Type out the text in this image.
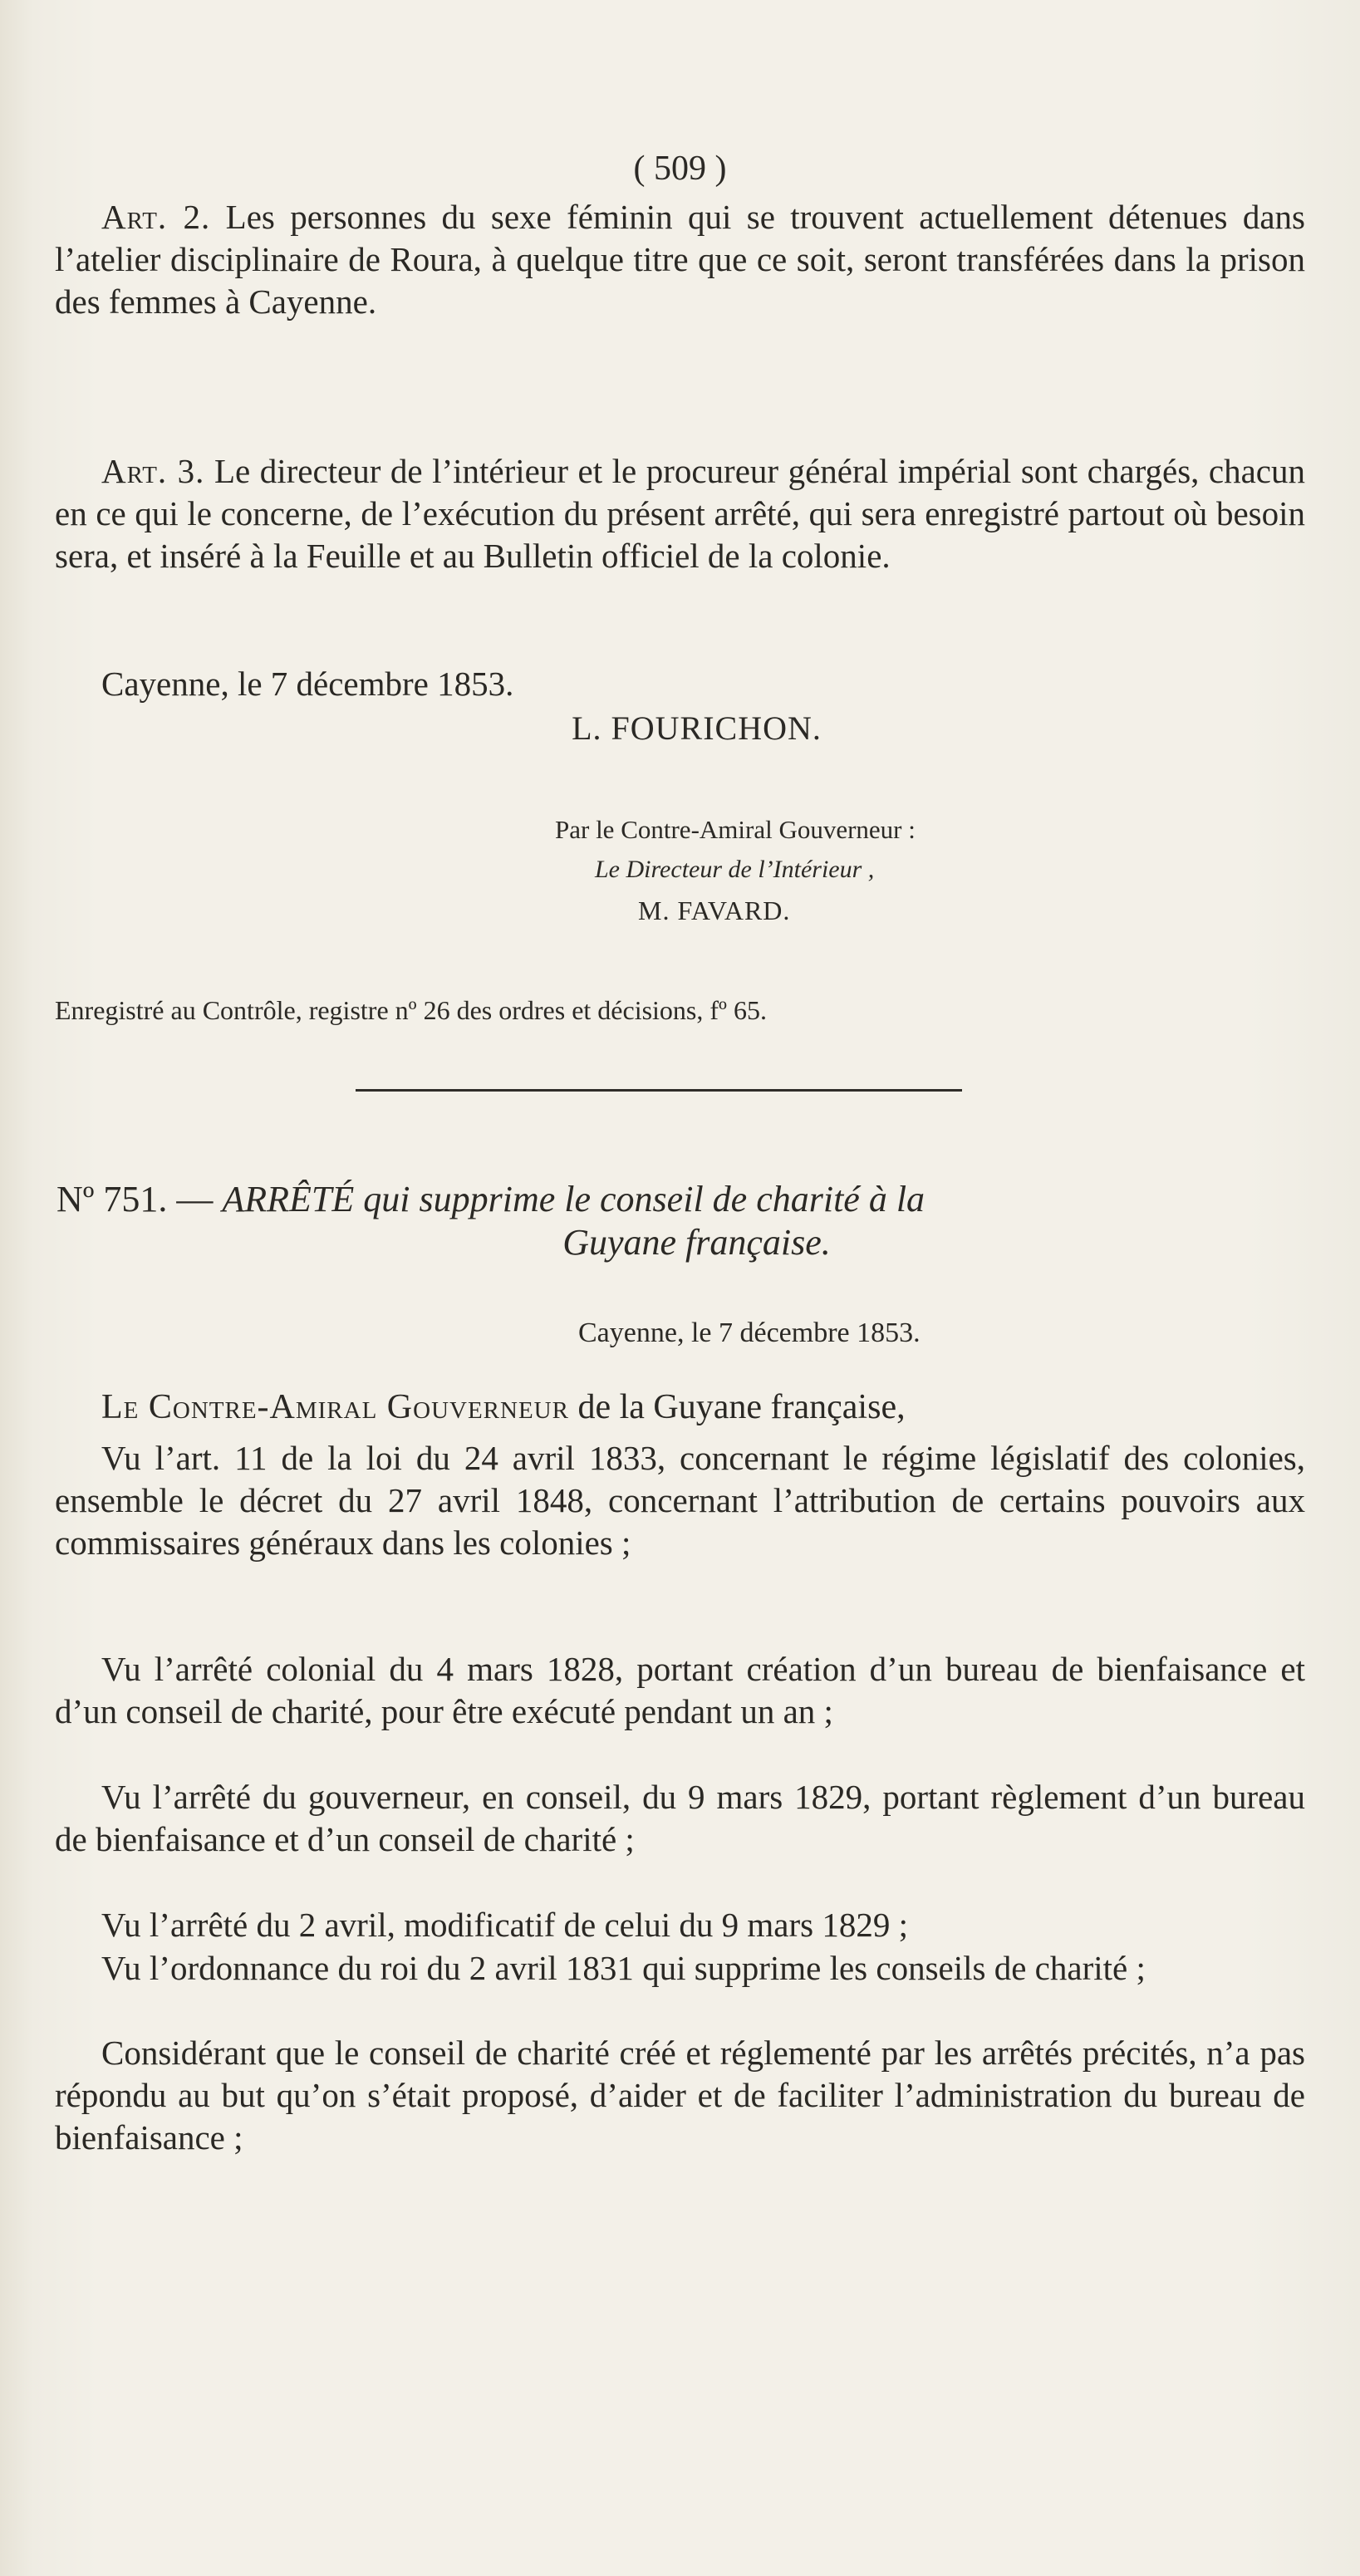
( 509 )

Art. 2. Les personnes du sexe féminin qui se trouvent actuellement détenues dans l’atelier disciplinaire de Roura, à quelque titre que ce soit, seront transférées dans la prison des femmes à Cayenne.

Art. 3. Le directeur de l’intérieur et le procureur général impérial sont chargés, chacun en ce qui le concerne, de l’exécution du présent arrêté, qui sera enregistré partout où besoin sera, et inséré à la Feuille et au Bulletin officiel de la colonie.

Cayenne, le 7 décembre 1853.
L. FOURICHON.
Par le Contre-Amiral Gouverneur :
Le Directeur de l’Intérieur ,
M. FAVARD.
Enregistré au Contrôle, registre nº 26 des ordres et décisions, fº 65.
Nº 751. — ARRÊTÉ qui supprime le conseil de charité à la
Guyane française.
Cayenne, le 7 décembre 1853.
Le Contre-Amiral Gouverneur de la Guyane française,

Vu l’art. 11 de la loi du 24 avril 1833, concernant le régime législatif des colonies, ensemble le décret du 27 avril 1848, concernant l’attribution de certains pouvoirs aux commissaires généraux dans les colonies ;

Vu l’arrêté colonial du 4 mars 1828, portant création d’un bureau de bienfaisance et d’un conseil de charité, pour être exécuté pendant un an ;

Vu l’arrêté du gouverneur, en conseil, du 9 mars 1829, portant règlement d’un bureau de bienfaisance et d’un conseil de charité ;

Vu l’arrêté du 2 avril, modificatif de celui du 9 mars 1829 ;

Vu l’ordonnance du roi du 2 avril 1831 qui supprime les conseils de charité ;

Considérant que le conseil de charité créé et réglementé par les arrêtés précités, n’a pas répondu au but qu’on s’était proposé, d’aider et de faciliter l’administration du bureau de bienfaisance ;
